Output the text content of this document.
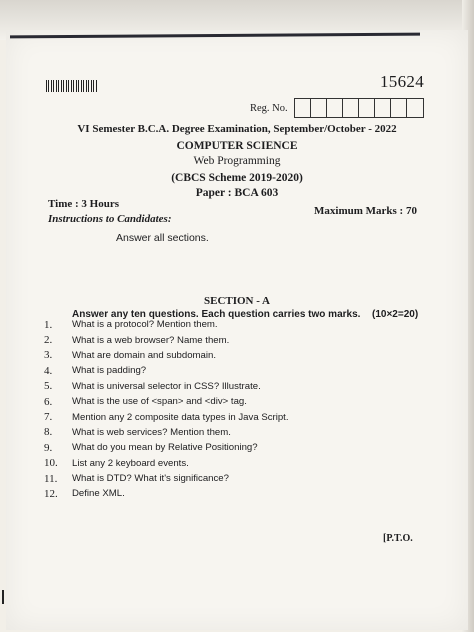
15624
Reg. No.
VI Semester B.C.A. Degree Examination, September/October - 2022
COMPUTER SCIENCE
Web Programming
(CBCS Scheme 2019-2020)
Paper : BCA 603
Time : 3 Hours
Maximum Marks : 70
Instructions to Candidates:
Answer all sections.
SECTION - A
Answer any ten questions. Each question carries two marks. (10×2=20)
1.	What is a protocol? Mention them.
2.	What is a web browser? Name them.
3.	What are domain and subdomain.
4.	What is padding?
5.	What is universal selector in CSS? Illustrate.
6.	What is the use of <span> and <div> tag.
7.	Mention any 2 composite data types in Java Script.
8.	What is web services? Mention them.
9.	What do you mean by Relative Positioning?
10.	List any 2 keyboard events.
11.	What is DTD? What it's significance?
12.	Define XML.
[P.T.O.
